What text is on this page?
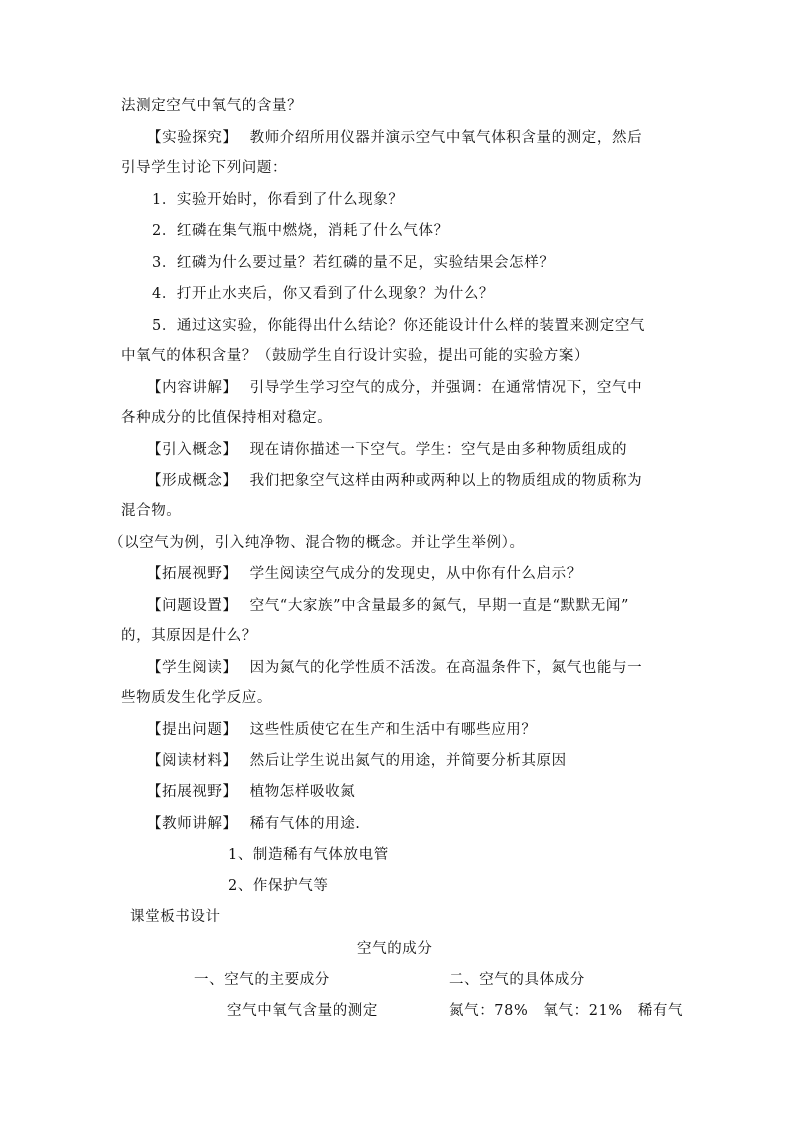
法测定空气中氧气的含量？
【实验探究】 教师介绍所用仪器并演示空气中氧气体积含量的测定，然后
引导学生讨论下列问题：
1．实验开始时，你看到了什么现象？
2．红磷在集气瓶中燃烧，消耗了什么气体？
3．红磷为什么要过量？若红磷的量不足，实验结果会怎样？
4．打开止水夹后，你又看到了什么现象？为什么？
5．通过这实验，你能得出什么结论？你还能设计什么样的装置来测定空气
中氧气的体积含量？（鼓励学生自行设计实验，提出可能的实验方案）
【内容讲解】 引导学生学习空气的成分，并强调：在通常情况下，空气中
各种成分的比值保持相对稳定。
【引入概念】 现在请你描述一下空气。学生：空气是由多种物质组成的
【形成概念】 我们把象空气这样由两种或两种以上的物质组成的物质称为
混合物。
（以空气为例，引入纯净物、混合物的概念。并让学生举例）。
【拓展视野】 学生阅读空气成分的发现史，从中你有什么启示？
【问题设置】 空气“大家族”中含量最多的氮气，早期一直是“默默无闻”
的，其原因是什么？
【学生阅读】 因为氮气的化学性质不活泼。在高温条件下，氮气也能与一
些物质发生化学反应。
【提出问题】 这些性质使它在生产和生活中有哪些应用？
【阅读材料】 然后让学生说出氮气的用途，并简要分析其原因
【拓展视野】 植物怎样吸收氮
【教师讲解】 稀有气体的用途.
1、制造稀有气体放电管
2、作保护气等
课堂板书设计
空气的成分
一、空气的主要成分	二、空气的具体成分
空气中氧气含量的测定	氮气：78%　氧气：21%　稀有气
